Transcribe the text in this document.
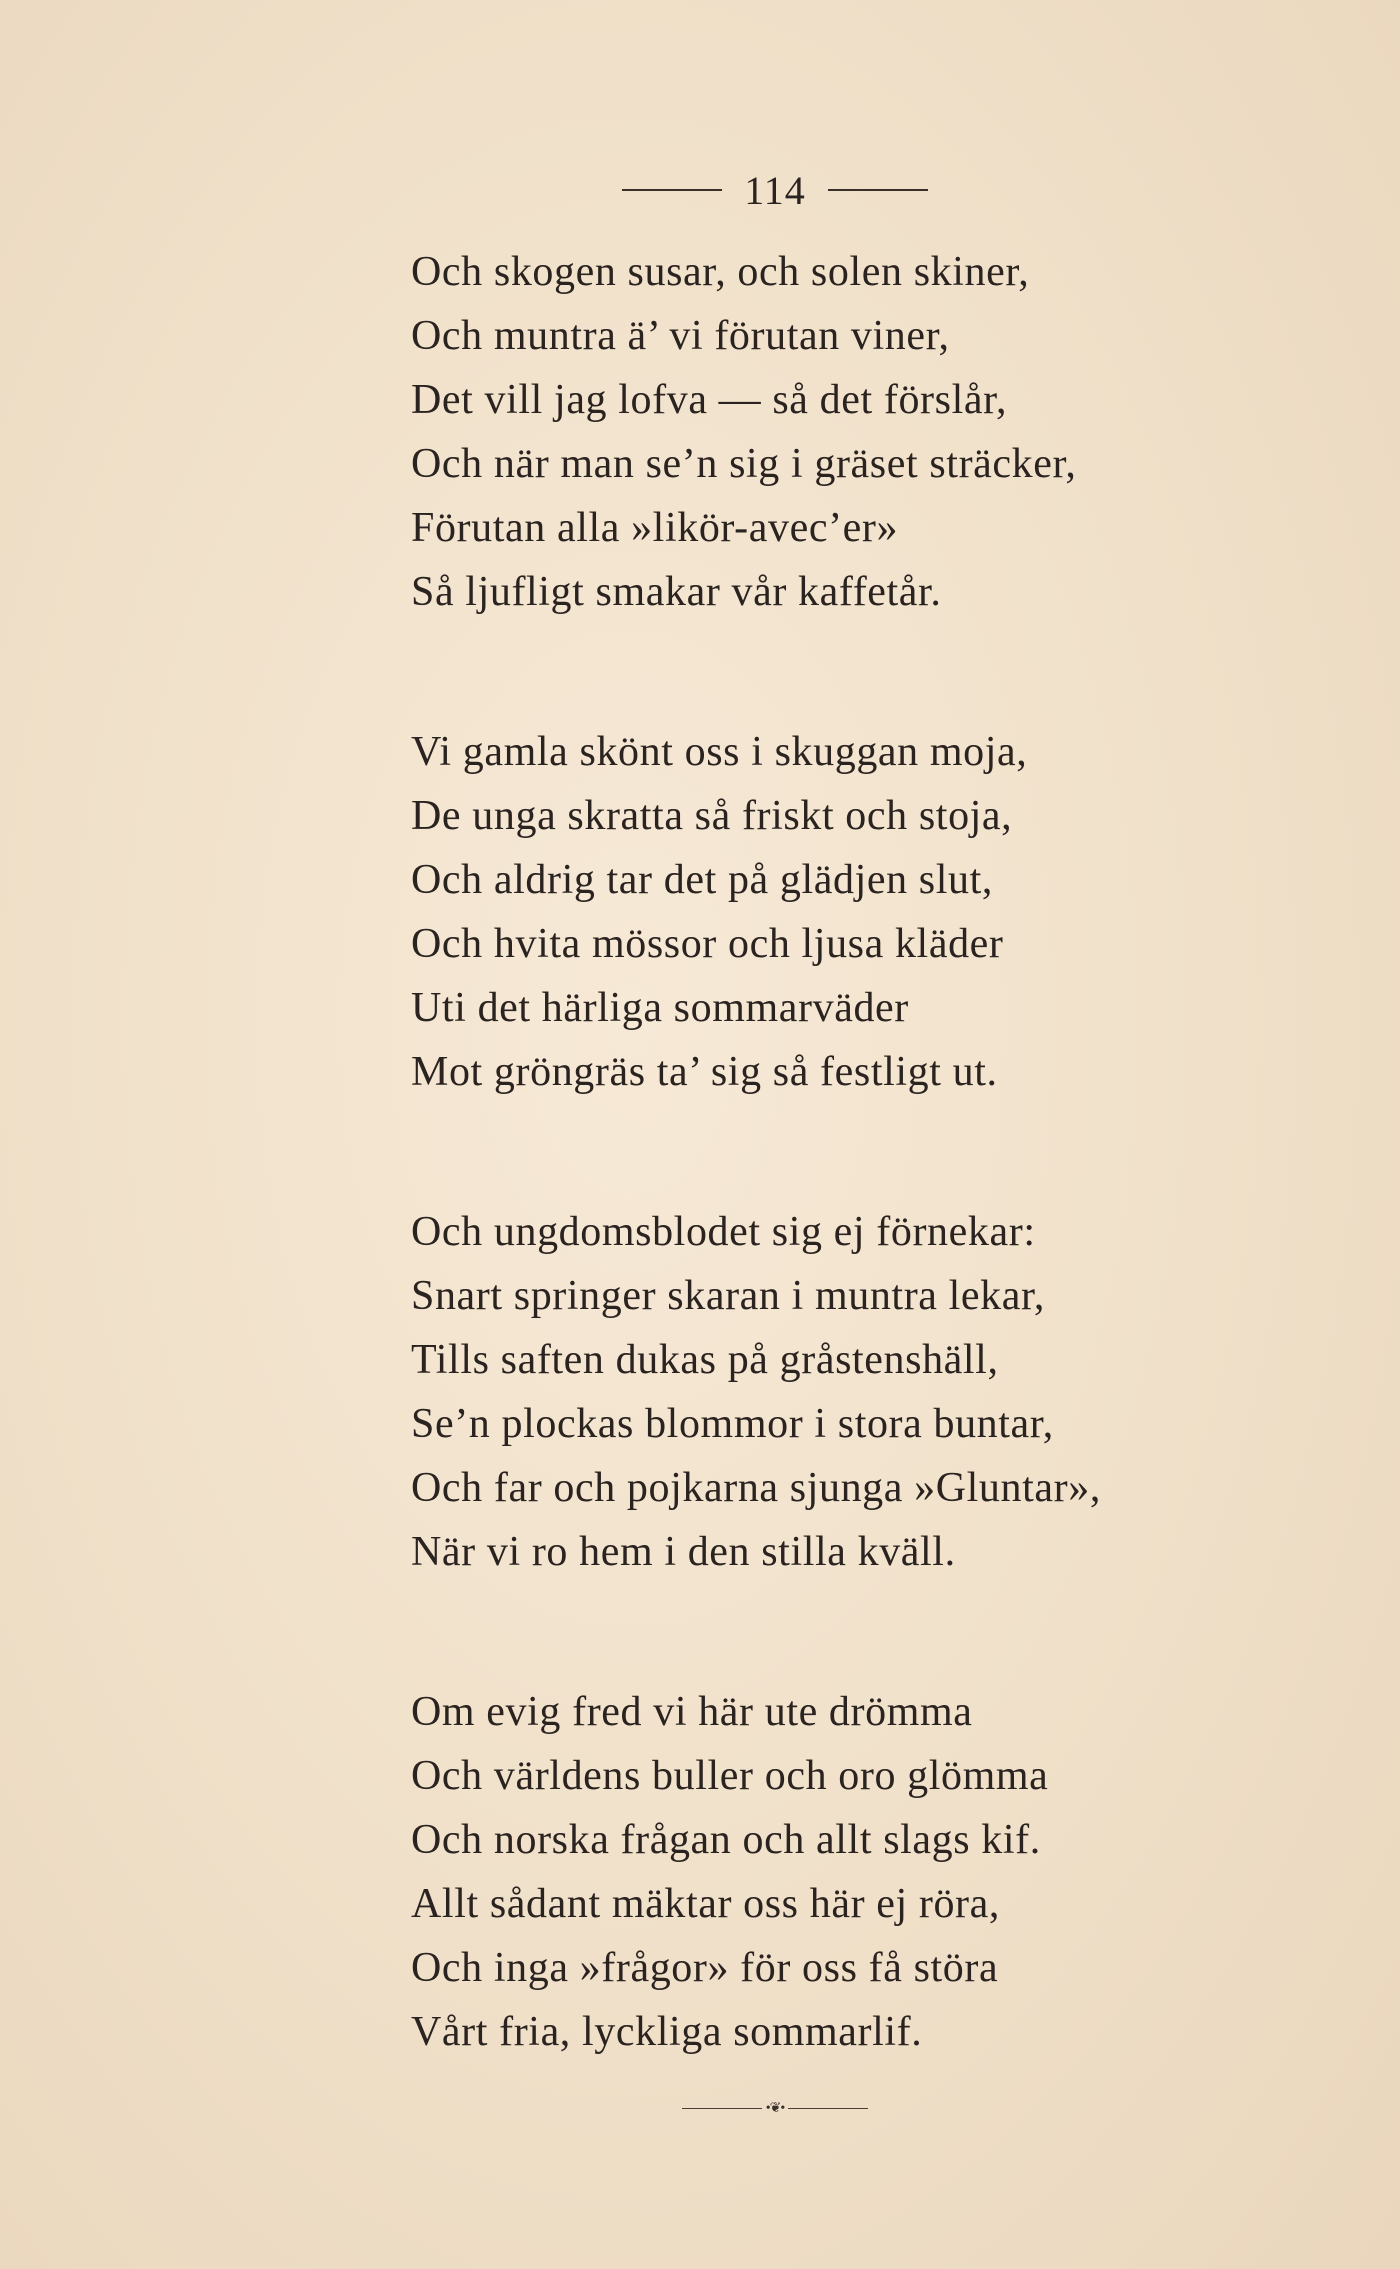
114
Och skogen susar, och solen skiner,
Och muntra ä’ vi förutan viner,
Det vill jag lofva — så det förslår,
Och när man se’n sig i gräset sträcker,
Förutan alla »likör-avec’er»
Så ljufligt smakar vår kaffetår.
Vi gamla skönt oss i skuggan moja,
De unga skratta så friskt och stoja,
Och aldrig tar det på glädjen slut,
Och hvita mössor och ljusa kläder
Uti det härliga sommarväder
Mot gröngräs ta’ sig så festligt ut.
Och ungdomsblodet sig ej förnekar:
Snart springer skaran i muntra lekar,
Tills saften dukas på gråstenshäll,
Se’n plockas blommor i stora buntar,
Och far och pojkarna sjunga »Gluntar»,
När vi ro hem i den stilla kväll.
Om evig fred vi här ute drömma
Och världens buller och oro glömma
Och norska frågan och allt slags kif.
Allt sådant mäktar oss här ej röra,
Och inga »frågor» för oss få störa
Vårt fria, lyckliga sommarlif.
•❦•
